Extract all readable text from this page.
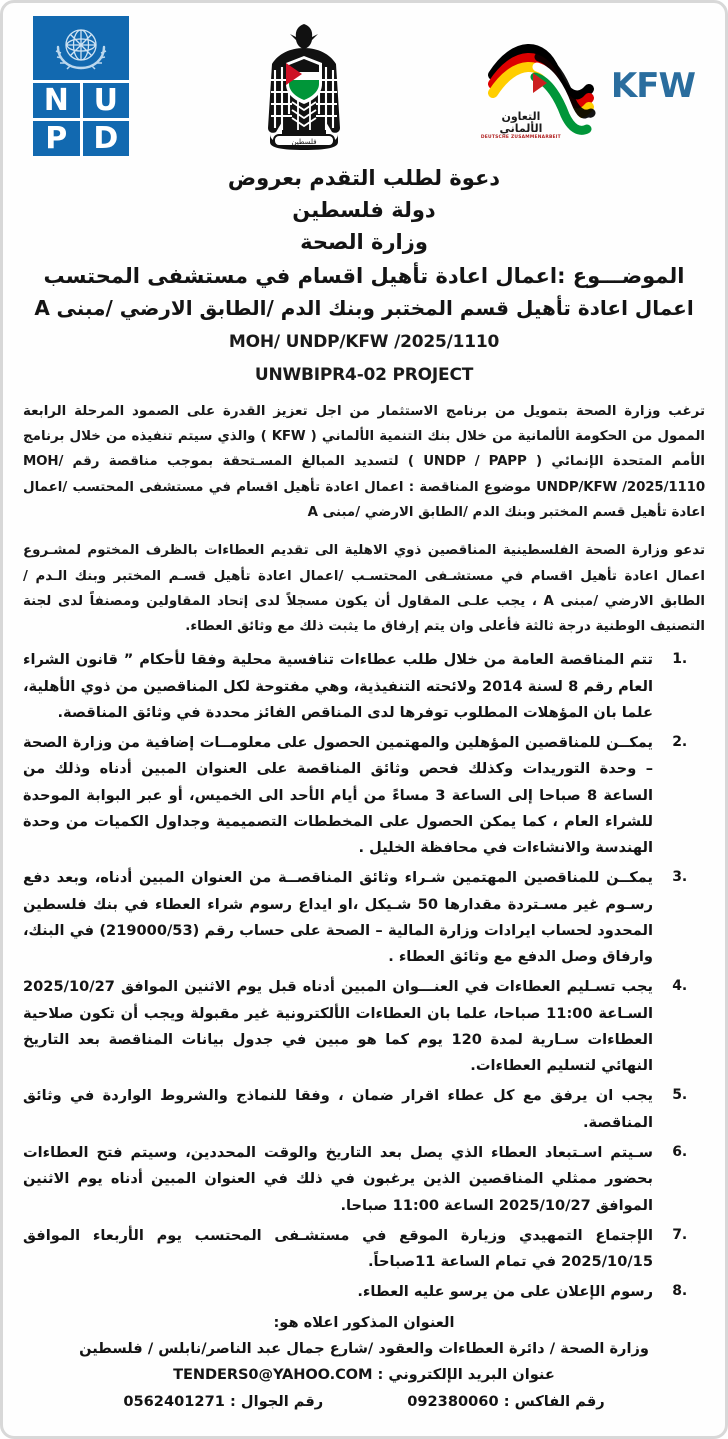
التعاون الألماني
DEUTSCHE ZUSAMMENARBEIT
KFW
فلسطين
U
N
D
P
دعوة لطلب التقدم بعروض
دولة فلسطين
وزارة الصحة
الموضـــوع :اعمال اعادة تأهيل اقسام في مستشفى المحتسب
اعمال اعادة تأهيل قسم المختبر وبنك الدم /الطابق الارضي /مبنى A
MOH/ UNDP/KFW /2025/1110
UNWBIPR4-02 PROJECT

ترغب وزارة الصحة بتمويل من برنامج الاستثمار من اجل تعزيز القدرة على الصمود المرحلة الرابعة الممول من الحكومة الألمانية من خلال بنك التنمية الألماني ( KFW ) والذي سيتم تنفيذه من خلال برنامج الأمم المتحدة الإنمائي ( UNDP / PAPP ) لتسديد المبالغ المسـتحقة بموجب مناقصة رقم MOH/ UNDP/KFW /2025/1110 موضوع المناقصة : اعمال اعادة تأهيل اقسام في مستشفى المحتسب /اعمال اعادة تأهيل قسم المختبر وبنك الدم /الطابق الارضي /مبنى A

تدعو وزارة الصحة الفلسطينية المناقصين ذوي الاهلية الى تقديم العطاءات بالظرف المختوم لمشـروع اعمال اعادة تأهيل اقسام في مستشـفى المحتسـب /اعمال اعادة تأهيل قسـم المختبر وبنك الـدم /الطابق الارضي /مبنى A ، يجب علـى المقاول أن يكون مسجلاً لدى إتحاد المقاولين ومصنفاً لدى لجنة التصنيف الوطنية درجة ثالثة فأعلى وان يتم إرفاق ما يثبت ذلك مع وثائق العطاء.

تتم المناقصة العامة من خلال طلب عطاءات تنافسية محلية وفقا لأحكام ” قانون الشراء العام رقم 8 لسنة 2014 ولائحته التنفيذية، وهي مفتوحة لكل المناقصين من ذوي الأهلية، علما بان المؤهلات المطلوب توفرها لدى المناقص الفائز محددة في وثائق المناقصة.
يمكــن للمناقصين المؤهلين والمهتمين الحصول على معلومــات إضافية من وزارة الصحة – وحدة التوريدات وكذلك فحص وثائق المناقصة على العنوان المبين أدناه وذلك من الساعة 8 صباحا إلى الساعة 3 مساءً من أيام الأحد الى الخميس، أو عبر البوابة الموحدة للشراء العام ، كما يمكن الحصول على المخططات التصميمية وجداول الكميات من وحدة الهندسة والانشاءات في محافظة الخليل .
يمكــن للمناقصين المهتمين شـراء وثائق المناقصــة من العنوان المبين أدناه، وبعد دفع رسـوم غير مسـتردة مقدارها 50 شـيكل ،او ايداع رسوم شراء العطاء في بنك فلسطين المحدود لحساب ايرادات وزارة المالية – الصحة على حساب رقم (219000/53) في البنك، وارفاق وصل الدفع مع وثائق العطاء .
يجب تسـليم العطاءات في العنـــوان المبين أدناه قبل يوم الاثنين الموافق 2025/10/27 السـاعة 11:00 صباحا، علما بان العطاءات الألكترونية غير مقبولة ويجب أن تكون صلاحية العطاءات سـارية لمدة 120 يوم كما هو مبين في جدول بيانات المناقصة بعد التاريخ النهائي لتسليم العطاءات.
يجب ان يرفق مع كل عطاء اقرار ضمان ، وفقا للنماذج والشروط الواردة في وثائق المناقصة.
سـيتم اسـتبعاد العطاء الذي يصل بعد التاريخ والوقت المحددين، وسيتم فتح العطاءات بحضور ممثلي المناقصين الذين يرغبون في ذلك في العنوان المبين أدناه يوم الاثنين الموافق 2025/10/27 الساعة 11:00 صباحا.
الإجتماع التمهيدي وزيارة الموقع في مستشـفى المحتسب يوم الأربعاء الموافق 2025/10/15 في تمام الساعة 11صباحاً.
رسوم الإعلان على من يرسو عليه العطاء.
العنوان المذكور اعلاه هو:
وزارة الصحة / دائرة العطاءات والعقود /شارع جمال عبد الناصر/نابلس / فلسطين
عنوان البريد الإلكتروني : TENDERS0@YAHOO.COM
رقم الفاكس : 092380060
رقم الجوال : 0562401271
